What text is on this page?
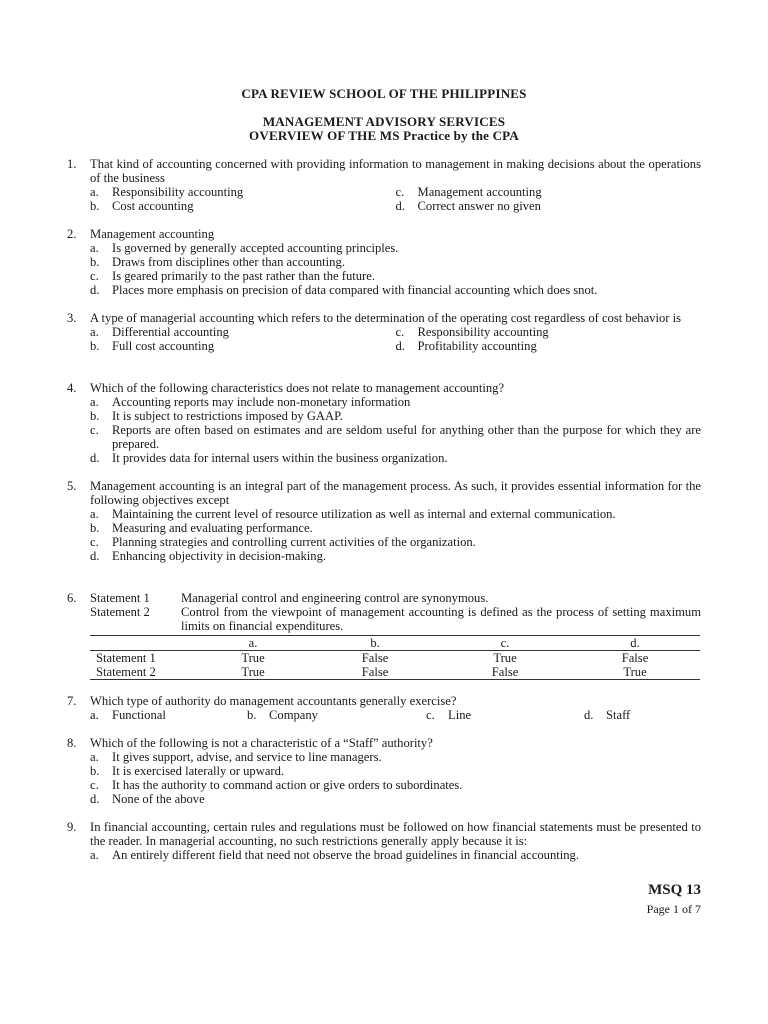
CPA REVIEW SCHOOL OF THE PHILIPPINES
MANAGEMENT ADVISORY SERVICES
OVERVIEW OF THE MS Practice by the CPA
1.	That kind of accounting concerned with providing information to management in making decisions about the operations of the business
a. Responsibility accounting	c. Management accounting
b. Cost accounting	d. Correct answer no given
2.	Management accounting
a. Is governed by generally accepted accounting principles.
b. Draws from disciplines other than accounting.
c. Is geared primarily to the past rather than the future.
d. Places more emphasis on precision of data compared with financial accounting which does snot.
3.	A type of managerial accounting which refers to the determination of the operating cost regardless of cost behavior is
a. Differential accounting	c. Responsibility accounting
b. Full cost accounting	d. Profitability accounting
4.	Which of the following characteristics does not relate to management accounting?
a. Accounting reports may include non-monetary information
b. It is subject to restrictions imposed by GAAP.
c. Reports are often based on estimates and are seldom useful for anything other than the purpose for which they are prepared.
d. It provides data for internal users within the business organization.
5.	Management accounting is an integral part of the management process. As such, it provides essential information for the following objectives except
a. Maintaining the current level of resource utilization as well as internal and external communication.
b. Measuring and evaluating performance.
c. Planning strategies and controlling current activities of the organization.
d. Enhancing objectivity in decision-making.
6.	Statement 1	Managerial control and engineering control are synonymous.
Statement 2	Control from the viewpoint of management accounting is defined as the process of setting maximum limits on financial expenditures.
	a.	b.	c.	d.
Statement 1	True	False	True	False
Statement 2	True	False	False	True
7.	Which type of authority do management accountants generally exercise?
a. Functional	b. Company	c. Line	d. Staff
8.	Which of the following is not a characteristic of a “Staff” authority?
a. It gives support, advise, and service to line managers.
b. It is exercised laterally or upward.
c. It has the authority to command action or give orders to subordinates.
d. None of the above
9.	In financial accounting, certain rules and regulations must be followed on how financial statements must be presented to the reader. In managerial accounting, no such restrictions generally apply because it is:
a. An entirely different field that need not observe the broad guidelines in financial accounting.
MSQ 13
Page 1 of 7
